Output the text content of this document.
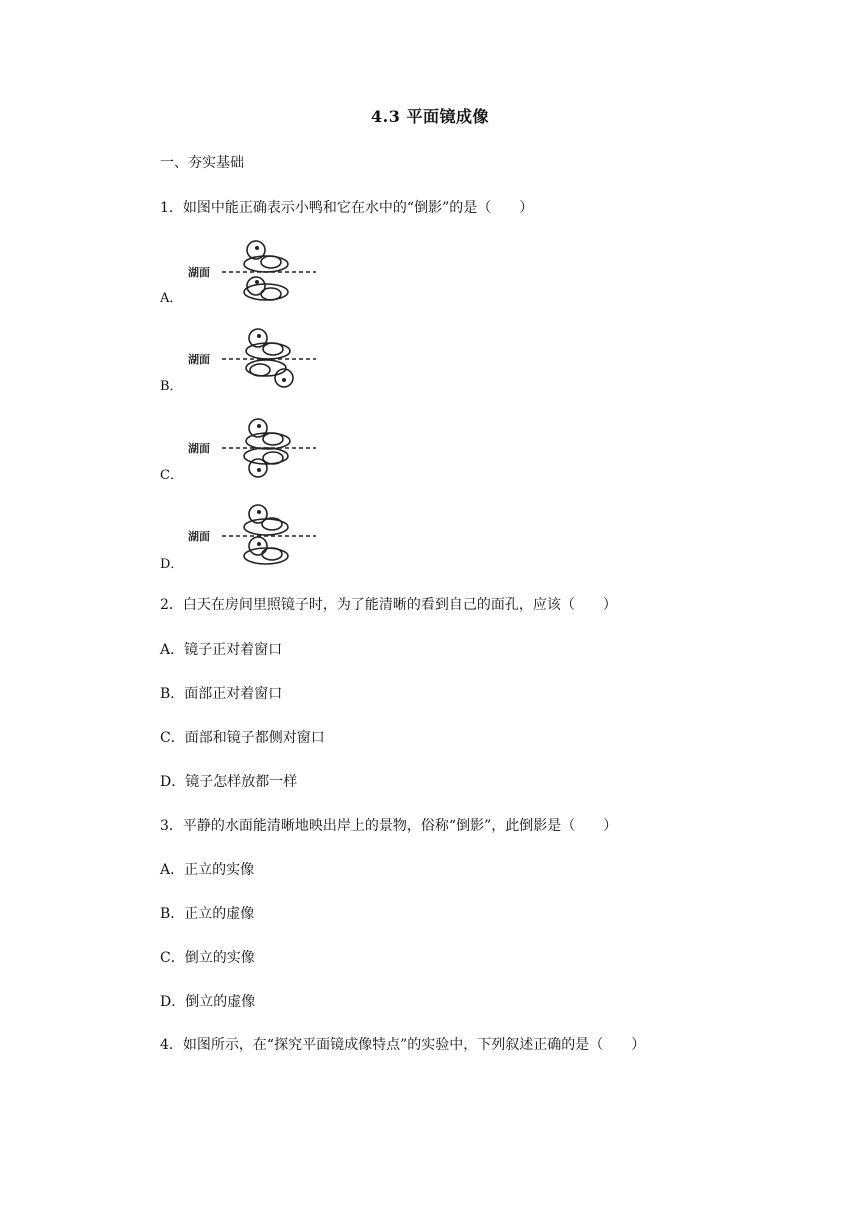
4.3 平面镜成像
一、夯实基础
1．如图中能正确表示小鸭和它在水中的“倒影”的是（　　）
湖面
A．
湖面
B．
湖面
C．
湖面
D．
2．白天在房间里照镜子时，为了能清晰的看到自己的面孔，应该（　　）
A．镜子正对着窗口
B．面部正对着窗口
C．面部和镜子都侧对窗口
D．镜子怎样放都一样
3．平静的水面能清晰地映出岸上的景物，俗称“倒影”，此倒影是（　　）
A．正立的实像
B．正立的虚像
C．倒立的实像
D．倒立的虚像
4．如图所示，在“探究平面镜成像特点”的实验中，下列叙述正确的是（　　）
